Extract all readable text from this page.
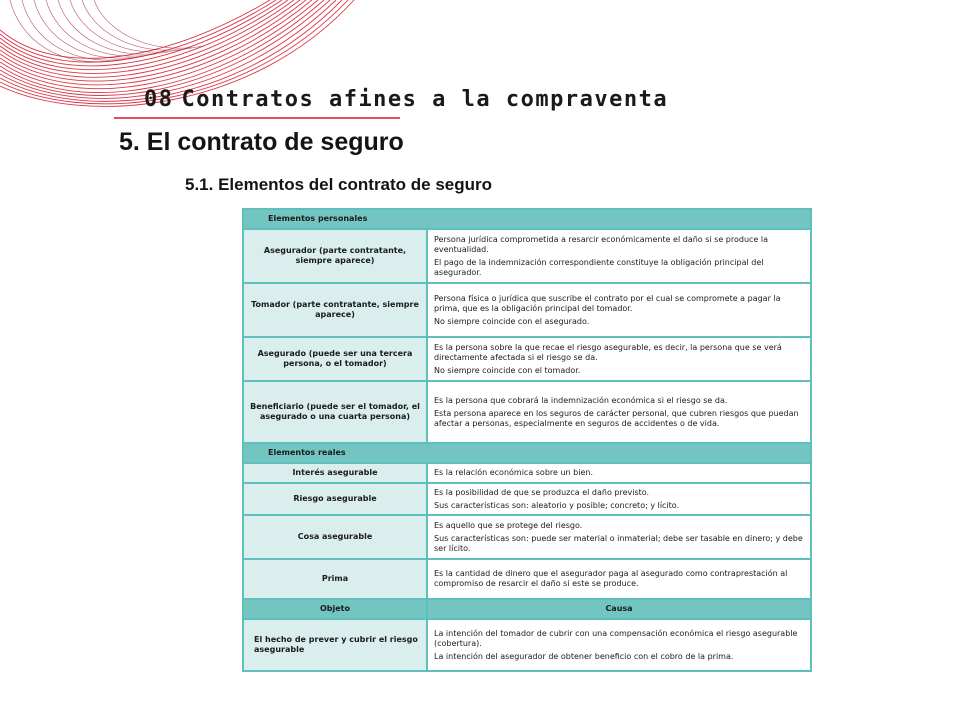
08 Contratos afines a la compraventa
5. El contrato de seguro
5.1. Elementos del contrato de seguro
Elementos personales	
Asegurador (parte contratante, siempre aparece)	Persona jurídica comprometida a resarcir económicamente el daño si se produce la eventualidad.

El pago de la indemnización correspondiente constituye la obligación principal del asegurador.

Tomador (parte contratante, siempre aparece)	Persona física o jurídica que suscribe el contrato por el cual se compromete a pagar la prima, que es la obligación principal del tomador.

No siempre coincide con el asegurado.

Asegurado (puede ser una tercera persona, o el tomador)	Es la persona sobre la que recae el riesgo asegurable, es decir, la persona que se verá directamente afectada si el riesgo se da.

No siempre coincide con el tomador.

Beneficiario (puede ser el tomador, el asegurado o una cuarta persona)	Es la persona que cobrará la indemnización económica si el riesgo se da.

Esta persona aparece en los seguros de carácter personal, que cubren riesgos que puedan afectar a personas, especialmente en seguros de accidentes o de vida.

Elementos reales	
Interés asegurable	Es la relación económica sobre un bien.

Riesgo asegurable	Es la posibilidad de que se produzca el daño previsto.

Sus características son: aleatorio y posible; concreto; y lícito.

Cosa asegurable	Es aquello que se protege del riesgo.

Sus características son: puede ser material o inmaterial; debe ser tasable en dinero; y debe ser lícito.

Prima	Es la cantidad de dinero que el asegurador paga al asegurado como contraprestación al compromiso de resarcir el daño si este se produce.

Objeto	Causa
El hecho de prever y cubrir el riesgo asegurable	La intención del tomador de cubrir con una compensación económica el riesgo asegurable (cobertura).

La intención del asegurador de obtener beneficio con el cobro de la prima.
